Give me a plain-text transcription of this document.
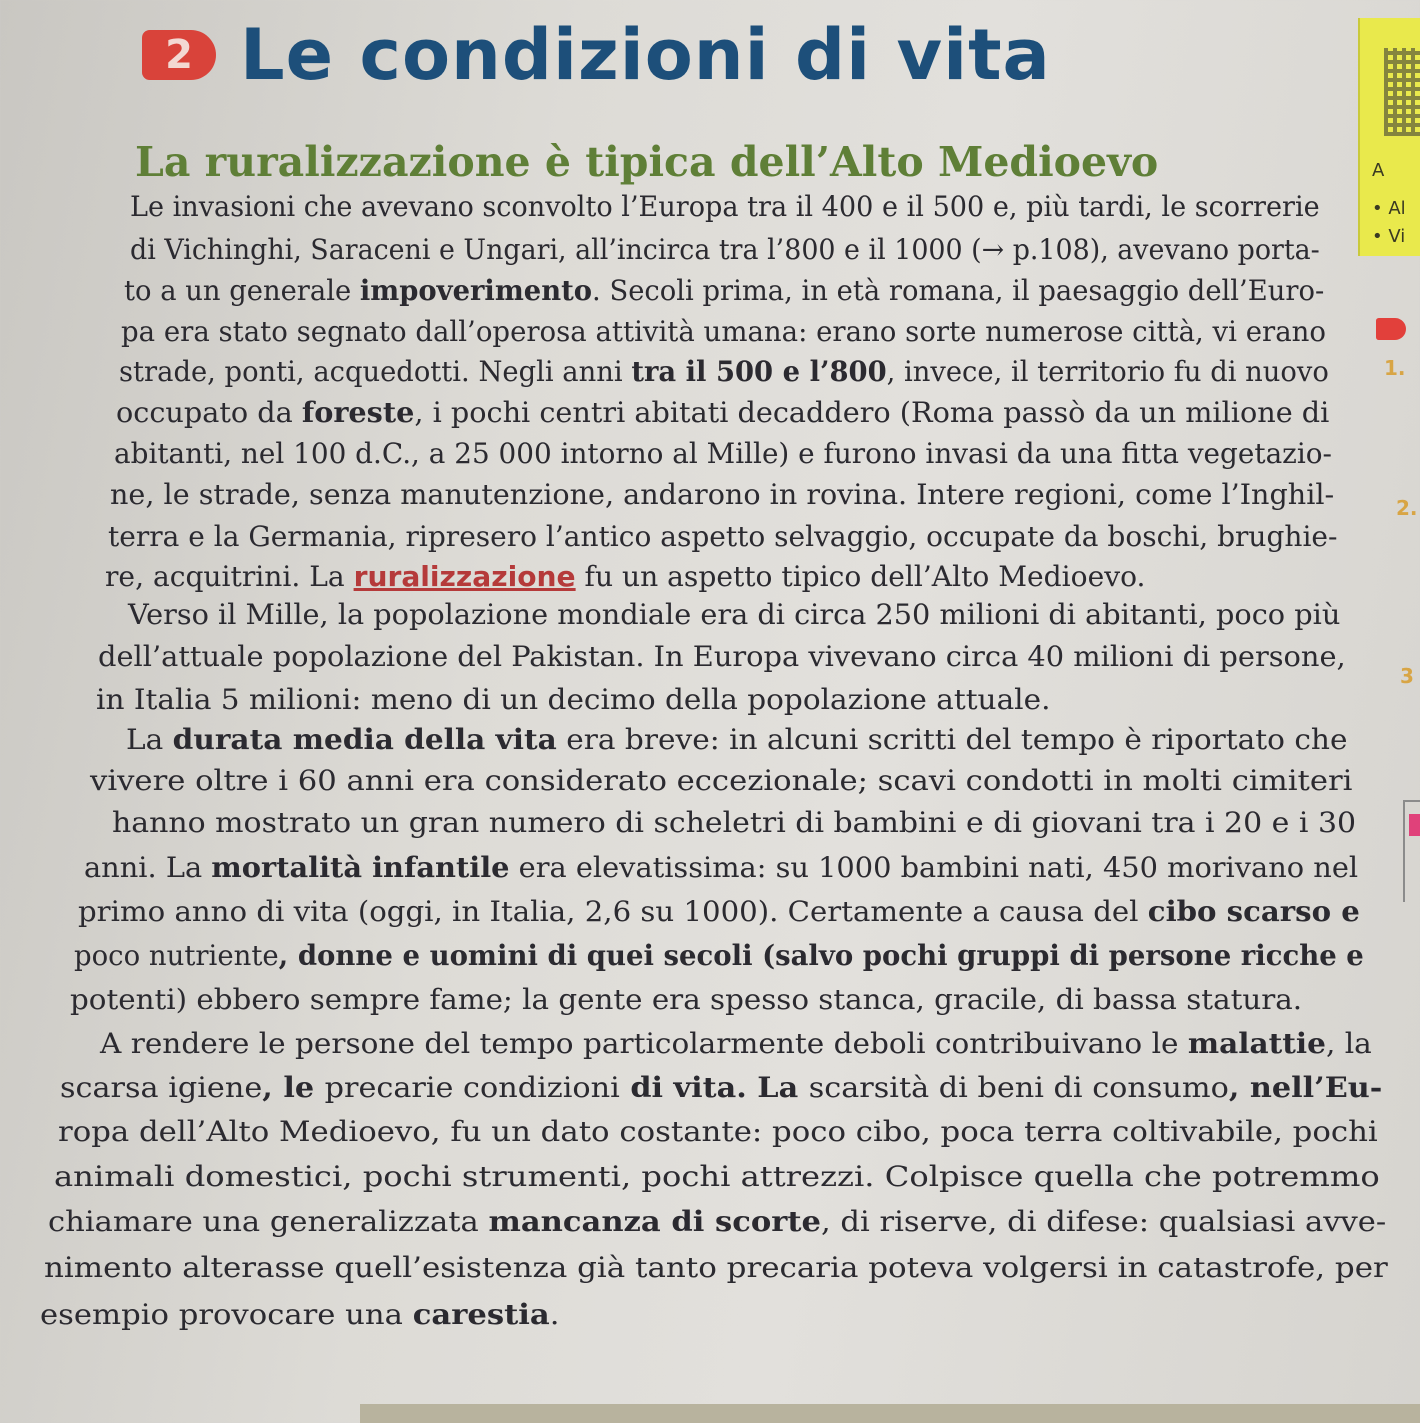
2 Le condizioni di vita
La ruralizzazione è tipica dell’Alto Medioevo	A
• Al
• Vi
1.
2.
3
Le invasioni che avevano sconvolto l’Europa tra il 400 e il 500 e, più tardi, le scorrerie
di Vichinghi, Saraceni e Ungari, all’incirca tra l’800 e il 1000 (→ p.108), avevano porta-
to a un generale impoverimento. Secoli prima, in età romana, il paesaggio dell’Euro-
pa era stato segnato dall’operosa attività umana: erano sorte numerose città, vi erano
strade, ponti, acquedotti. Negli anni tra il 500 e l’800, invece, il territorio fu di nuovo
occupato da foreste, i pochi centri abitati decaddero (Roma passò da un milione di
abitanti, nel 100 d.C., a 25 000 intorno al Mille) e furono invasi da una fitta vegetazio-
ne, le strade, senza manutenzione, andarono in rovina. Intere regioni, come l’Inghil-
terra e la Germania, ripresero l’antico aspetto selvaggio, occupate da boschi, brughie-
re, acquitrini. La ruralizzazione fu un aspetto tipico dell’Alto Medioevo.
Verso il Mille, la popolazione mondiale era di circa 250 milioni di abitanti, poco più
dell’attuale popolazione del Pakistan. In Europa vivevano circa 40 milioni di persone,
in Italia 5 milioni: meno di un decimo della popolazione attuale.
La durata media della vita era breve: in alcuni scritti del tempo è riportato che
vivere oltre i 60 anni era considerato eccezionale; scavi condotti in molti cimiteri
hanno mostrato un gran numero di scheletri di bambini e di giovani tra i 20 e i 30
anni. La mortalità infantile era elevatissima: su 1000 bambini nati, 450 morivano nel
primo anno di vita (oggi, in Italia, 2,6 su 1000). Certamente a causa del cibo scarso e
poco nutriente, donne e uomini di quei secoli (salvo pochi gruppi di persone ricche e
potenti) ebbero sempre fame; la gente era spesso stanca, gracile, di bassa statura.
A rendere le persone del tempo particolarmente deboli contribuivano le malattie, la
scarsa igiene, le precarie condizioni di vita. La scarsità di beni di consumo, nell’Eu-
ropa dell’Alto Medioevo, fu un dato costante: poco cibo, poca terra coltivabile, pochi
animali domestici, pochi strumenti, pochi attrezzi. Colpisce quella che potremmo
chiamare una generalizzata mancanza di scorte, di riserve, di difese: qualsiasi avve-
nimento alterasse quell’esistenza già tanto precaria poteva volgersi in catastrofe, per
esempio provocare una carestia.
